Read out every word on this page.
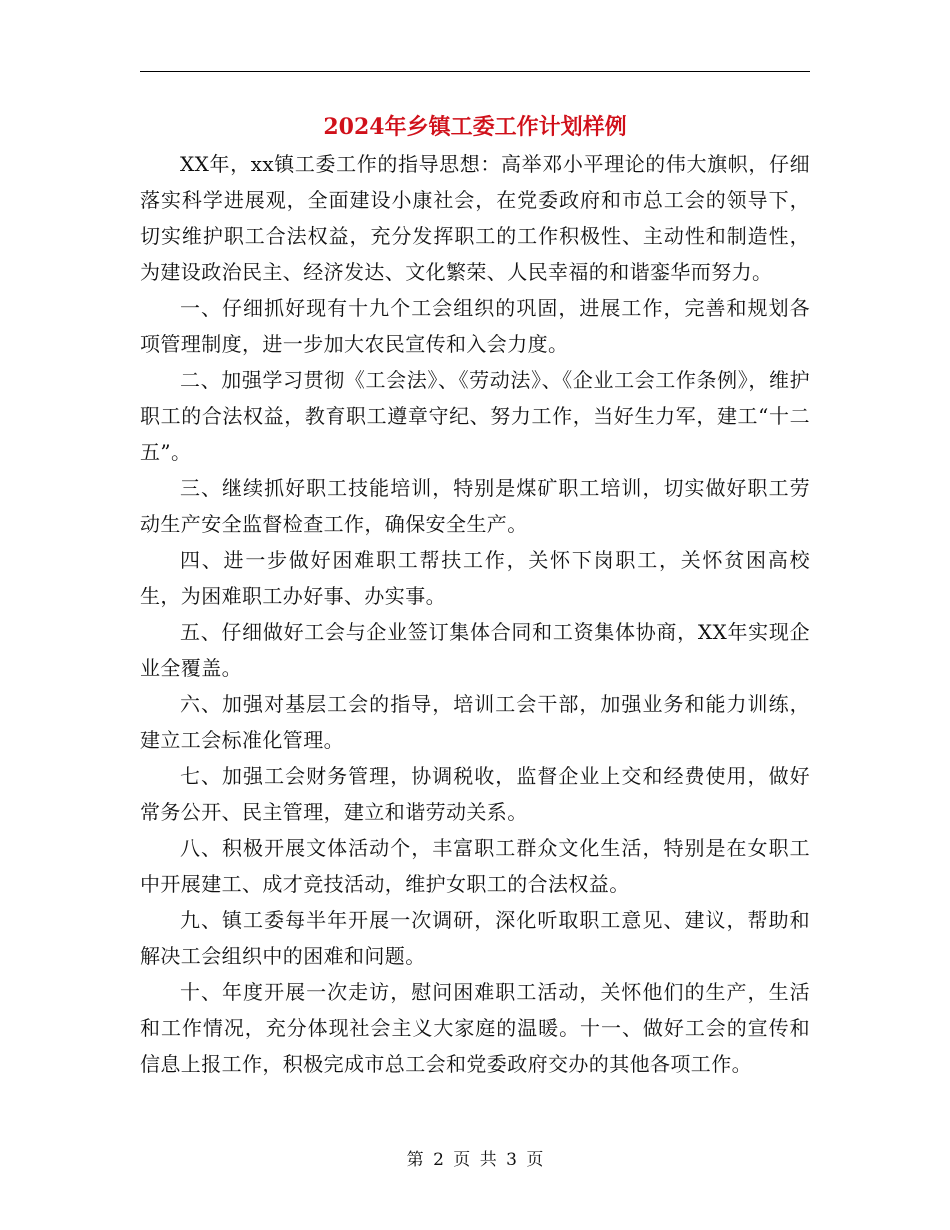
2024年乡镇工委工作计划样例

XX年，xx镇工委工作的指导思想：高举邓小平理论的伟大旗帜，仔细落实科学进展观，全面建设小康社会，在党委政府和市总工会的领导下，切实维护职工合法权益，充分发挥职工的工作积极性、主动性和制造性，为建设政治民主、经济发达、文化繁荣、人民幸福的和谐銮华而努力。

一、仔细抓好现有十九个工会组织的巩固，进展工作，完善和规划各项管理制度，进一步加大农民宣传和入会力度。

二、加强学习贯彻《工会法》、《劳动法》、《企业工会工作条例》，维护职工的合法权益，教育职工遵章守纪、努力工作，当好生力军，建工“十二五”。

三、继续抓好职工技能培训，特别是煤矿职工培训，切实做好职工劳动生产安全监督检查工作，确保安全生产。

四、进一步做好困难职工帮扶工作，关怀下岗职工，关怀贫困高校生，为困难职工办好事、办实事。

五、仔细做好工会与企业签订集体合同和工资集体协商，XX年实现企业全覆盖。

六、加强对基层工会的指导，培训工会干部，加强业务和能力训练，建立工会标准化管理。

七、加强工会财务管理，协调税收，监督企业上交和经费使用，做好常务公开、民主管理，建立和谐劳动关系。

八、积极开展文体活动个，丰富职工群众文化生活，特别是在女职工中开展建工、成才竞技活动，维护女职工的合法权益。

九、镇工委每半年开展一次调研，深化听取职工意见、建议，帮助和解决工会组织中的困难和问题。

十、年度开展一次走访，慰问困难职工活动，关怀他们的生产，生活和工作情况，充分体现社会主义大家庭的温暖。十一、做好工会的宣传和信息上报工作，积极完成市总工会和党委政府交办的其他各项工作。

第 2 页 共 3 页
